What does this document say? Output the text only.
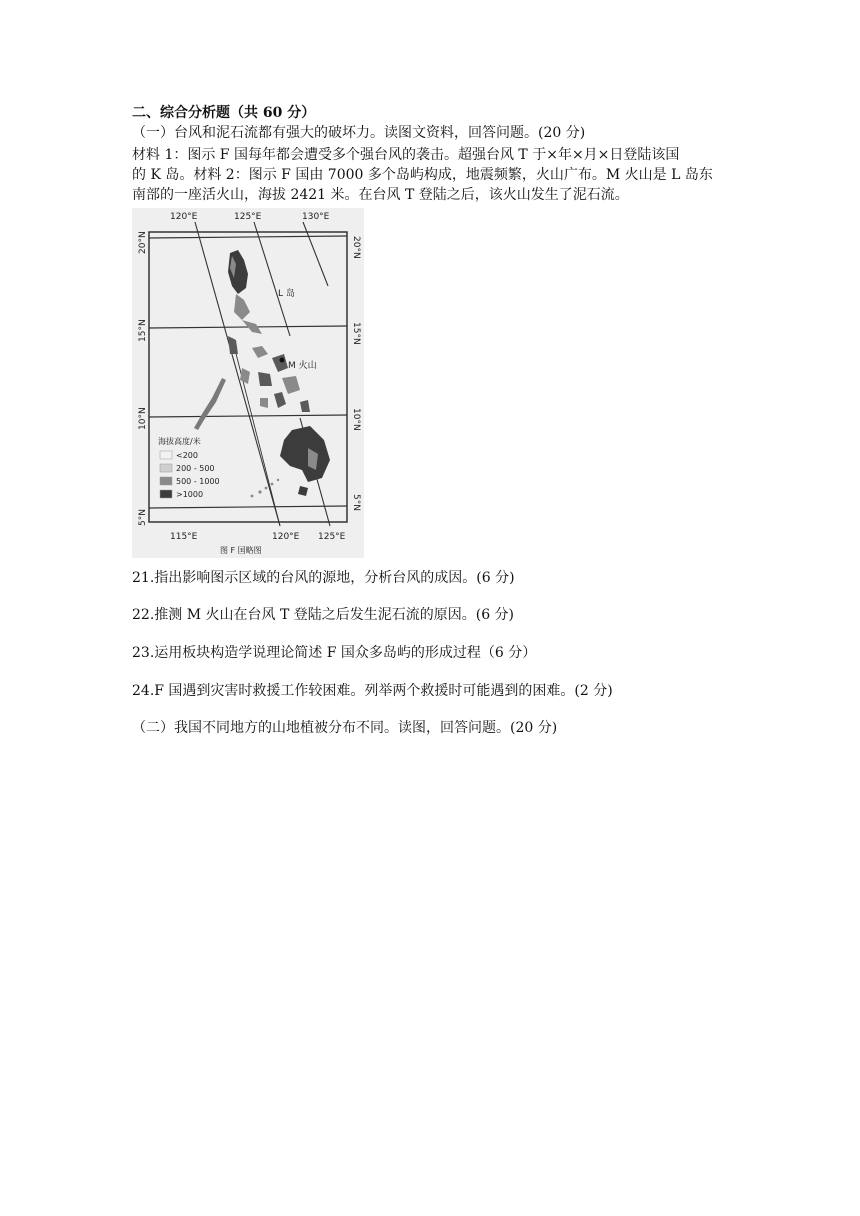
二、综合分析题（共 60 分）
（一）台风和泥石流都有强大的破坏力。读图文资料，回答问题。(20 分)
材料 1：图示 F 国每年都会遭受多个强台风的袭击。超强台风 T 于×年×月×日登陆该国
的 K 岛。材料 2：图示 F 国由 7000 多个岛屿构成，地震频繁，火山广布。M 火山是 L 岛东
南部的一座活火山，海拔 2421 米。在台风 T 登陆之后，该火山发生了泥石流。
120°E	125°E	130°E
5°N
10°N
15°N
20°N	20°N
15°N
10°N
5°N
L 岛
M 火山
海拔高度/米
<200
200 - 500
500 - 1000
>1000
115°E	120°E 125°E
图 F 国略图
21.指出影响图示区域的台风的源地，分析台风的成因。(6 分)
22.推测 M 火山在台风 T 登陆之后发生泥石流的原因。(6 分)
23.运用板块构造学说理论简述 F 国众多岛屿的形成过程（6 分）
24.F 国遇到灾害时救援工作较困难。列举两个救援时可能遇到的困难。(2 分)
（二）我国不同地方的山地植被分布不同。读图，回答问题。(20 分)
